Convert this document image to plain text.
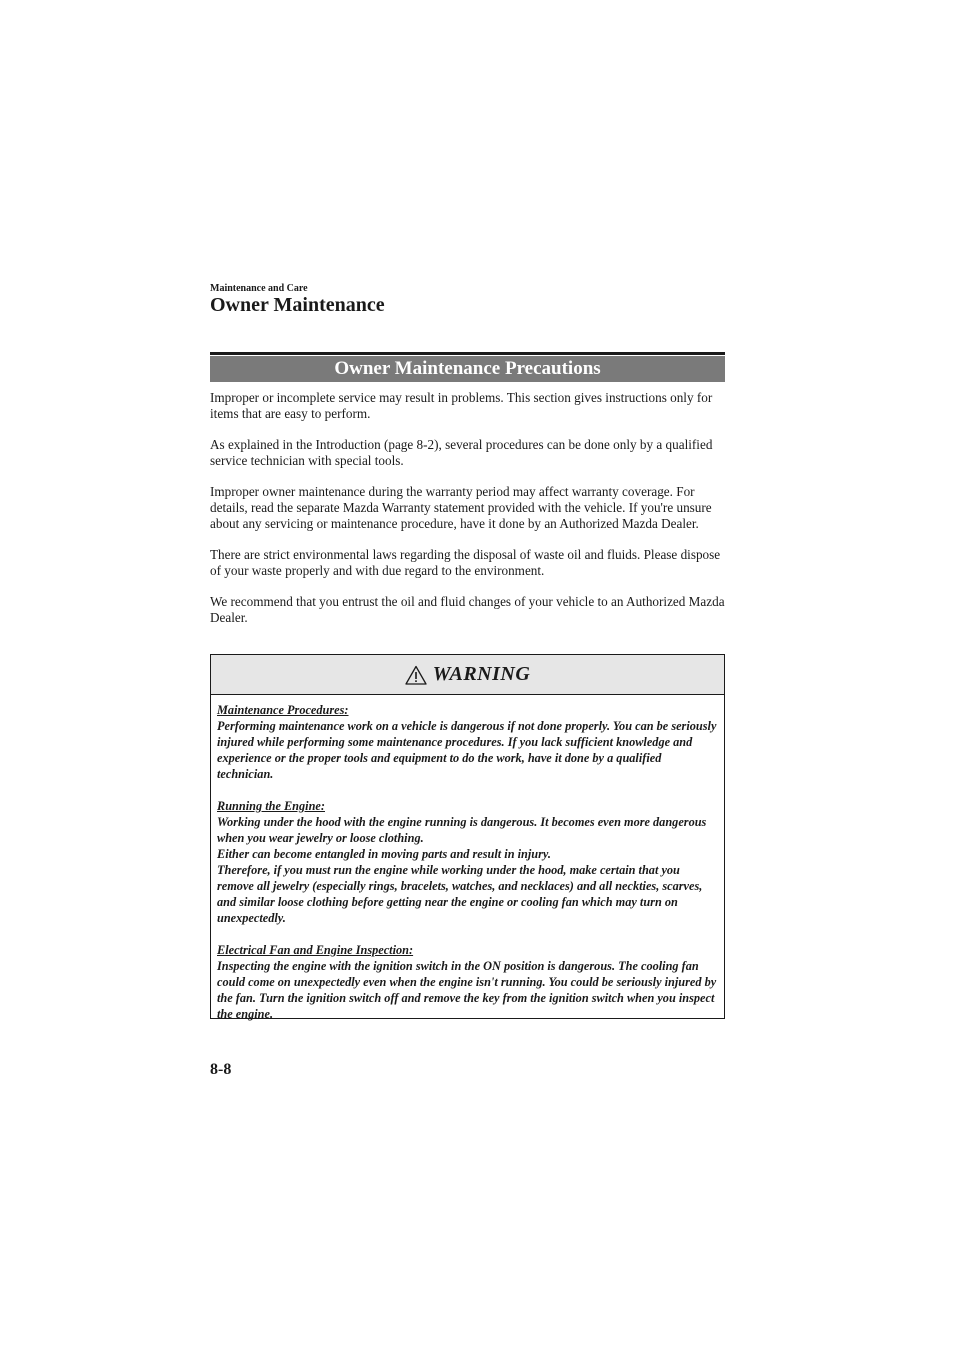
Maintenance and Care
Owner Maintenance
Owner Maintenance Precautions

Improper or incomplete service may result in problems. This section gives instructions only for items that are easy to perform.

As explained in the Introduction (page 8-2), several procedures can be done only by a qualified service technician with special tools.

Improper owner maintenance during the warranty period may affect warranty coverage. For details, read the separate Mazda Warranty statement provided with the vehicle. If you're unsure about any servicing or maintenance procedure, have it done by an Authorized Mazda Dealer.

There are strict environmental laws regarding the disposal of waste oil and fluids. Please dispose of your waste properly and with due regard to the environment.

We recommend that you entrust the oil and fluid changes of your vehicle to an Authorized Mazda Dealer.

WARNING
Maintenance Procedures:
Performing maintenance work on a vehicle is dangerous if not done properly. You can be seriously injured while performing some maintenance procedures. If you lack sufficient knowledge and experience or the proper tools and equipment to do the work, have it done by a qualified technician.
Running the Engine:
Working under the hood with the engine running is dangerous. It becomes even more dangerous when you wear jewelry or loose clothing.
Either can become entangled in moving parts and result in injury.
Therefore, if you must run the engine while working under the hood, make certain that you remove all jewelry (especially rings, bracelets, watches, and necklaces) and all neckties, scarves, and similar loose clothing before getting near the engine or cooling fan which may turn on unexpectedly.
Electrical Fan and Engine Inspection:
Inspecting the engine with the ignition switch in the ON position is dangerous. The cooling fan could come on unexpectedly even when the engine isn't running. You could be seriously injured by the fan. Turn the ignition switch off and remove the key from the ignition switch when you inspect the engine.
8-8
